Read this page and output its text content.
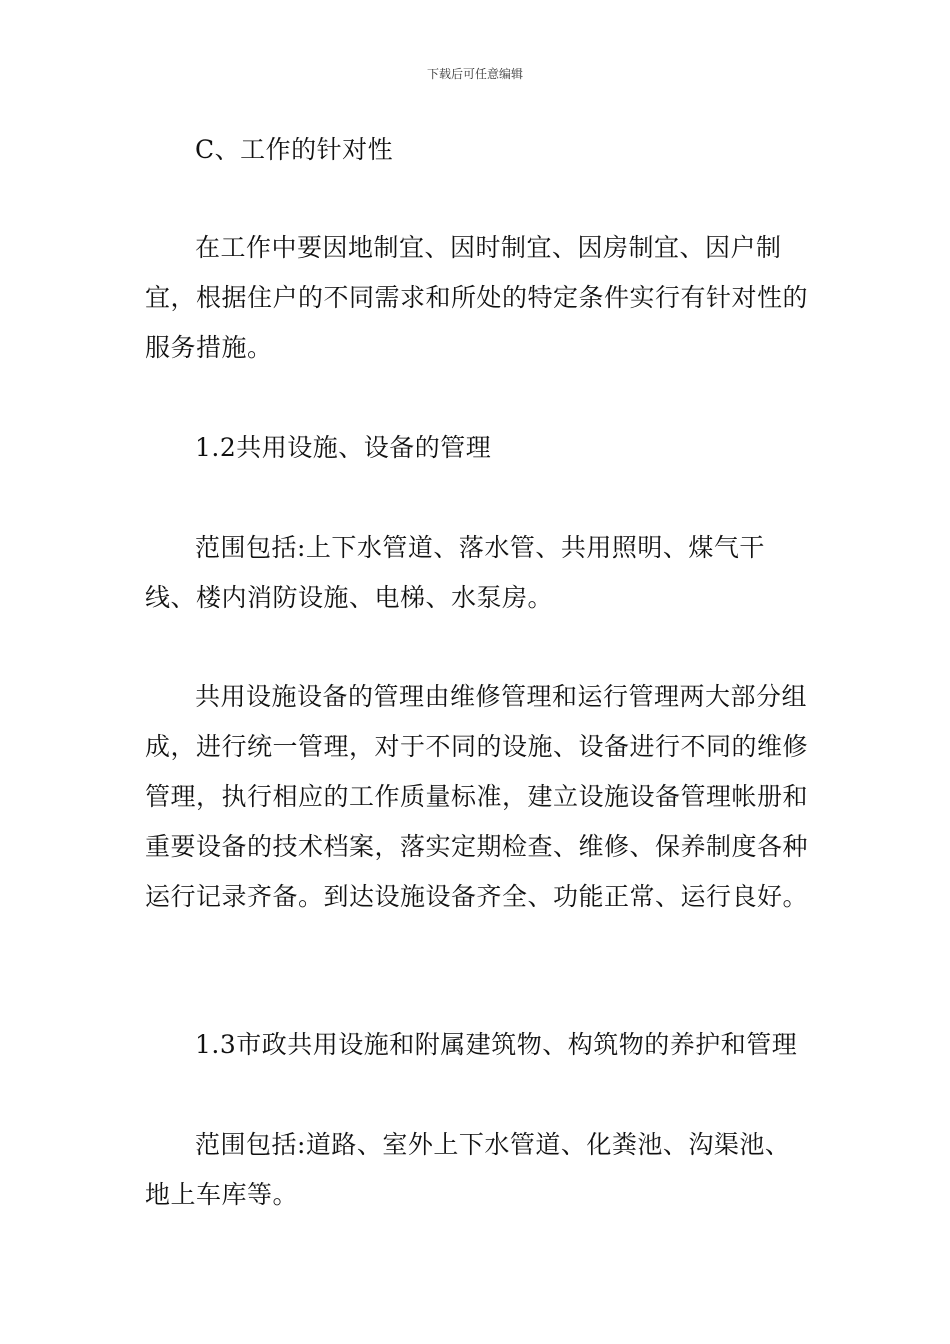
下载后可任意编辑

C、工作的针对性

在工作中要因地制宜、因时制宜、因房制宜、因户制宜，根据住户的不同需求和所处的特定条件实行有针对性的服务措施。

1.2共用设施、设备的管理

范围包括:上下水管道、落水管、共用照明、煤气干线、楼内消防设施、电梯、水泵房。

共用设施设备的管理由维修管理和运行管理两大部分组成，进行统一管理，对于不同的设施、设备进行不同的维修管理，执行相应的工作质量标准，建立设施设备管理帐册和重要设备的技术档案，落实定期检查、维修、保养制度各种运行记录齐备。到达设施设备齐全、功能正常、运行良好。

1.3市政共用设施和附属建筑物、构筑物的养护和管理

范围包括:道路、室外上下水管道、化粪池、沟渠池、地上车库等。
